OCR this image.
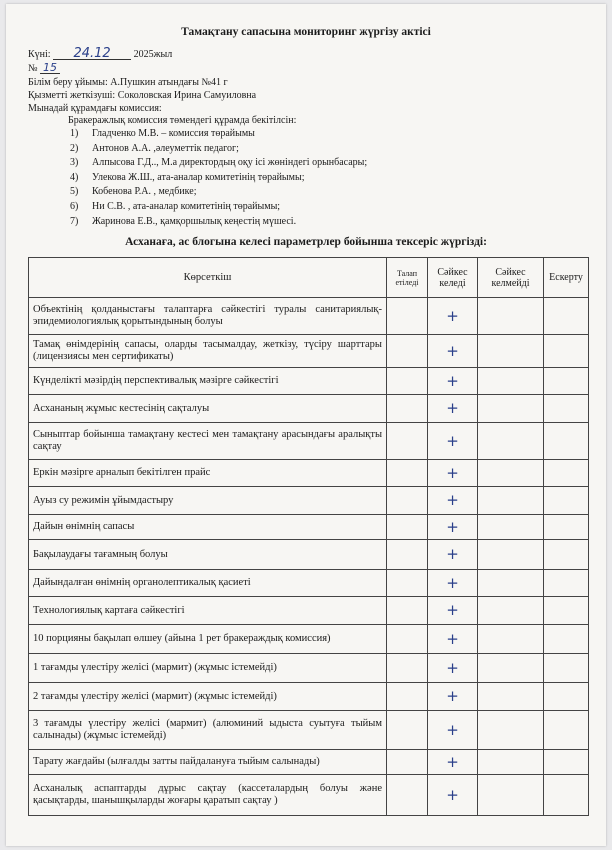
Тамақтану сапасына мониторинг жүргізу актісі
Күні: 24.12 2025жыл
№ 15
Білім беру ұйымы: А.Пушкин атындағы №41 г
Қызметті жеткізуші: Соколовская Ирина Самуиловна
Мынадай құрамдағы комиссия:
Бракеражлық комиссия төмендегі құрамда бекітілсін:
1) Гладченко М.В. – комиссия төрайымы
2) Антонов А.А. ,әлеуметтік педагог;
3) Алпысова Г.Д.., М.а директордың оқу ісі жөніндегі орынбасары;
4) Улекова Ж.Ш., ата-аналар комитетінің төрайымы;
5) Кобенова Р.А. , медбике;
6) Ни С.В. , ата-аналар комитетінің төрайымы;
7) Жаринова Е.В., қамқоршылық кеңестің мүшесі.
Асханаға, ас блогына келесі параметрлер бойынша тексеріс жүргізді:
Көрсеткіш	Талап етіледі	Сәйкес келеді	Сәйкес келмейді	Ескерту
Объектінің қолданыстағы талаптарға сәйкестігі туралы санитариялық-эпидемиологиялық қорытындының болуы		+		
Тамақ өнімдерінің сапасы, оларды тасымалдау, жеткізу, түсіру шарттары (лицензиясы мен сертификаты)		+		
Күнделікті мәзірдің перспективалық мәзірге сәйкестігі		+		
Асхананың жұмыс кестесінің сақталуы		+		
Сыныптар бойынша тамақтану кестесі мен тамақтану арасындағы аралықты сақтау		+		
Еркін мәзірге арналып бекітілген прайс		+		
Ауыз су режимін ұйымдастыру		+		
Дайын өнімнің сапасы		+		
Бақылаудағы тағамның болуы		+		
Дайындалған өнімнің органолептикалық қасиеті		+		
Технологиялық картаға сәйкестігі		+		
10 порцияны бақылап өлшеу (айына 1 рет бракераждық комиссия)		+		
1 тағамды үлестіру желісі (мармит) (жұмыс істемейді)		+		
2 тағамды үлестіру желісі (мармит) (жұмыс істемейді)		+		
3 тағамды үлестіру желісі (мармит) (алюминий ыдыста суытуға тыйым салынады) (жұмыс істемейді)		+		
Тарату жағдайы (ылғалды затты пайдалануға тыйым салынады)		+		
Асханалық аспаптарды дұрыс сақтау (кассеталардың болуы және қасықтарды, шанышқыларды жоғары қаратып сақтау )		+		
